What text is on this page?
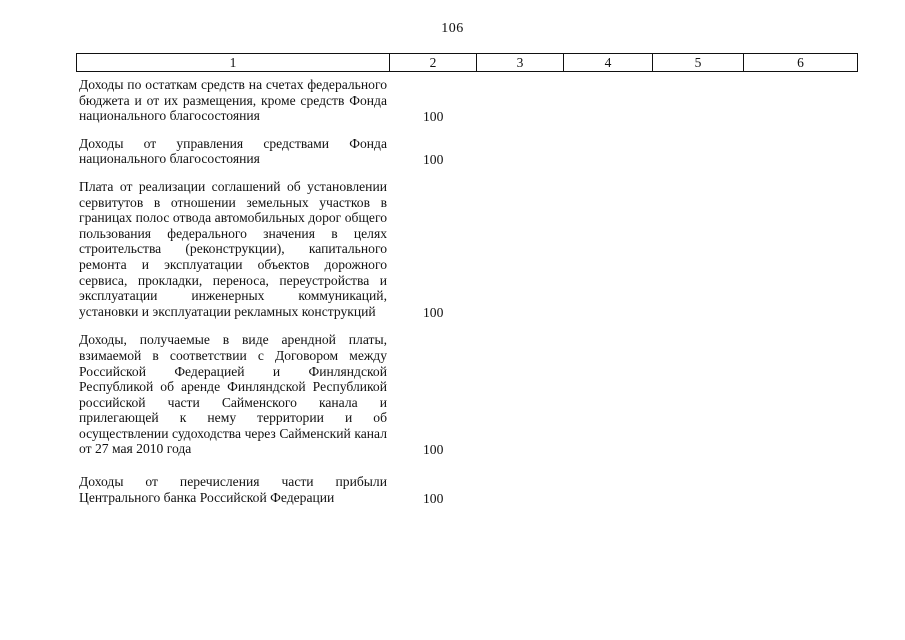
106
1	2	3	4	5	6
Доходы по остаткам средств на счетах федерального бюджета и от их размещения, кроме средств Фонда национального благосостояния	100
Доходы от управления средствами Фонда национального благосостояния	100
Плата от реализации соглашений об установлении сервитутов в отношении земельных участков в границах полос отвода автомобильных дорог общего пользования федерального значения в целях строительства (реконструкции), капитального ремонта и эксплуатации объектов дорожного сервиса, прокладки, переноса, переустройства и эксплуатации инженерных коммуникаций, установки и эксплуатации рекламных конструкций	100
Доходы, получаемые в виде арендной платы, взимаемой в соответствии с Договором между Российской Федерацией и Финляндской Республикой об аренде Финляндской Республикой российской части Сайменского канала и прилегающей к нему территории и об осуществлении судоходства через Сайменский канал от 27 мая 2010 года	100
Доходы от перечисления части прибыли Центрального банка Российской Федерации	100
